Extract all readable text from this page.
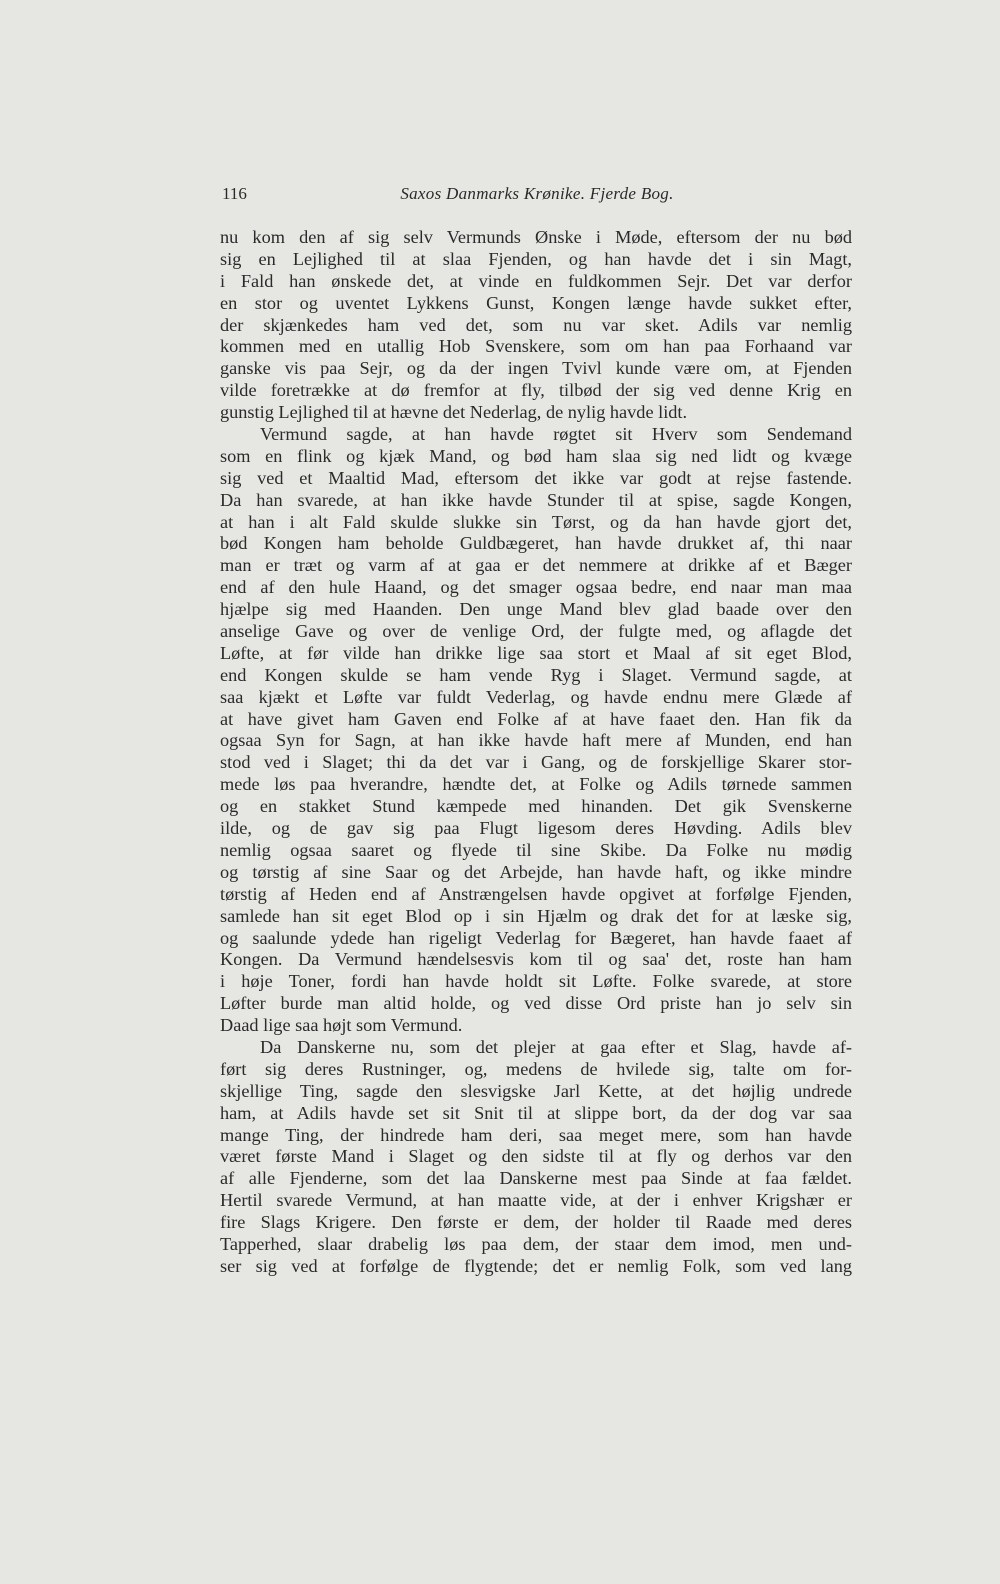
116	Saxos Danmarks Krønike. Fjerde Bog.
nu kom den af sig selv Vermunds Ønske i Møde, eftersom der nu bød
sig en Lejlighed til at slaa Fjenden, og han havde det i sin Magt,
i Fald han ønskede det, at vinde en fuldkommen Sejr. Det var derfor
en stor og uventet Lykkens Gunst, Kongen længe havde sukket efter,
der skjænkedes ham ved det, som nu var sket. Adils var nemlig
kommen med en utallig Hob Svenskere, som om han paa Forhaand var
ganske vis paa Sejr, og da der ingen Tvivl kunde være om, at Fjenden
vilde foretrække at dø fremfor at fly, tilbød der sig ved denne Krig en
gunstig Lejlighed til at hævne det Nederlag, de nylig havde lidt.
Vermund sagde, at han havde røgtet sit Hverv som Sendemand
som en flink og kjæk Mand, og bød ham slaa sig ned lidt og kvæge
sig ved et Maaltid Mad, eftersom det ikke var godt at rejse fastende.
Da han svarede, at han ikke havde Stunder til at spise, sagde Kongen,
at han i alt Fald skulde slukke sin Tørst, og da han havde gjort det,
bød Kongen ham beholde Guldbægeret, han havde drukket af, thi naar
man er træt og varm af at gaa er det nemmere at drikke af et Bæger
end af den hule Haand, og det smager ogsaa bedre, end naar man maa
hjælpe sig med Haanden. Den unge Mand blev glad baade over den
anselige Gave og over de venlige Ord, der fulgte med, og aflagde det
Løfte, at før vilde han drikke lige saa stort et Maal af sit eget Blod,
end Kongen skulde se ham vende Ryg i Slaget. Vermund sagde, at
saa kjækt et Løfte var fuldt Vederlag, og havde endnu mere Glæde af
at have givet ham Gaven end Folke af at have faaet den. Han fik da
ogsaa Syn for Sagn, at han ikke havde haft mere af Munden, end han
stod ved i Slaget; thi da det var i Gang, og de forskjellige Skarer stor-
mede løs paa hverandre, hændte det, at Folke og Adils tørnede sammen
og en stakket Stund kæmpede med hinanden. Det gik Svenskerne
ilde, og de gav sig paa Flugt ligesom deres Høvding. Adils blev
nemlig ogsaa saaret og flyede til sine Skibe. Da Folke nu mødig
og tørstig af sine Saar og det Arbejde, han havde haft, og ikke mindre
tørstig af Heden end af Anstrængelsen havde opgivet at forfølge Fjenden,
samlede han sit eget Blod op i sin Hjælm og drak det for at læske sig,
og saalunde ydede han rigeligt Vederlag for Bægeret, han havde faaet af
Kongen. Da Vermund hændelsesvis kom til og saa' det, roste han ham
i høje Toner, fordi han havde holdt sit Løfte. Folke svarede, at store
Løfter burde man altid holde, og ved disse Ord priste han jo selv sin
Daad lige saa højt som Vermund.
Da Danskerne nu, som det plejer at gaa efter et Slag, havde af-
ført sig deres Rustninger, og, medens de hvilede sig, talte om for-
skjellige Ting, sagde den slesvigske Jarl Kette, at det højlig undrede
ham, at Adils havde set sit Snit til at slippe bort, da der dog var saa
mange Ting, der hindrede ham deri, saa meget mere, som han havde
været første Mand i Slaget og den sidste til at fly og derhos var den
af alle Fjenderne, som det laa Danskerne mest paa Sinde at faa fældet.
Hertil svarede Vermund, at han maatte vide, at der i enhver Krigshær er
fire Slags Krigere. Den første er dem, der holder til Raade med deres
Tapperhed, slaar drabelig løs paa dem, der staar dem imod, men und-
ser sig ved at forfølge de flygtende; det er nemlig Folk, som ved lang
